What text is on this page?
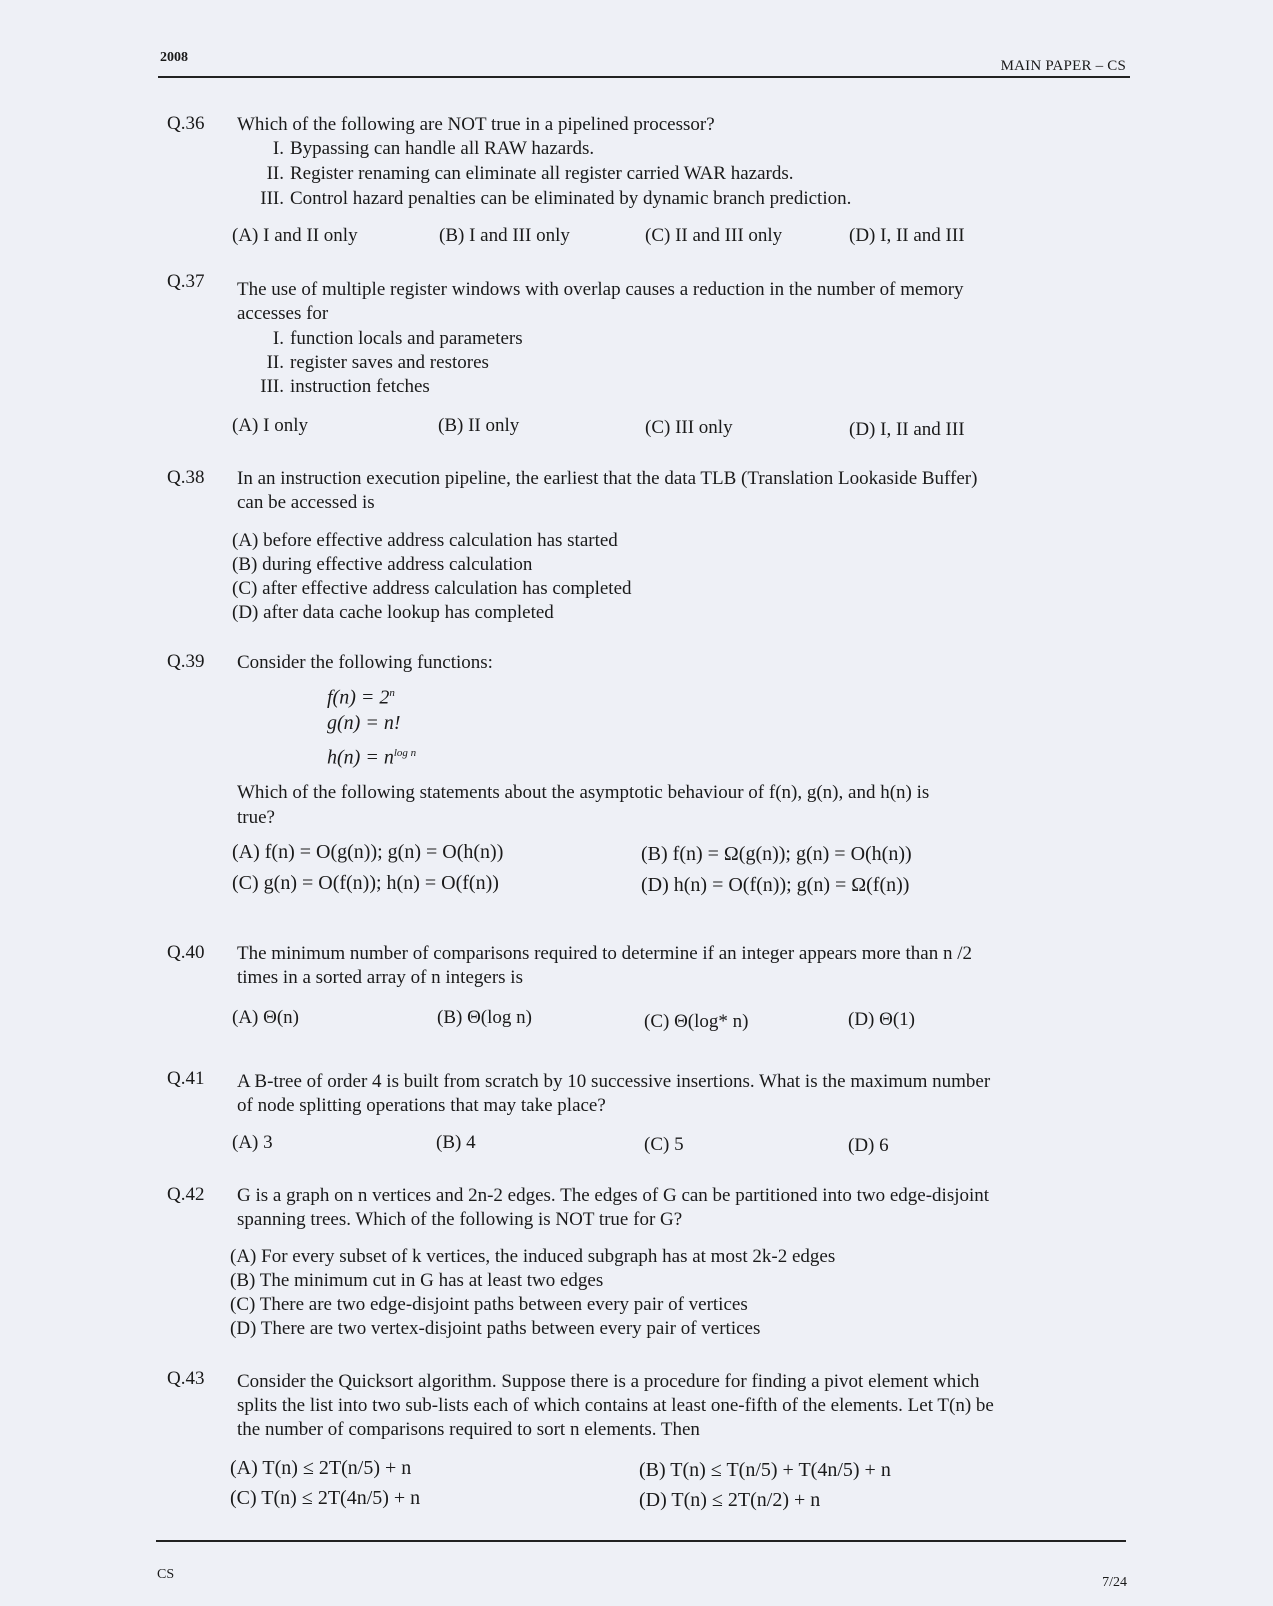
2008
MAIN PAPER – CS
Q.36 Which of the following are NOT true in a pipelined processor?
I. Bypassing can handle all RAW hazards.
II. Register renaming can eliminate all register carried WAR hazards.
III. Control hazard penalties can be eliminated by dynamic branch prediction.
(A) I and II only	(B) I and III only	(C) II and III only	(D) I, II and III
Q.37 The use of multiple register windows with overlap causes a reduction in the number of memory
accesses for
I. function locals and parameters
II. register saves and restores
III. instruction fetches
(A) I only	(B) II only	(C) III only	(D) I, II and III
Q.38 In an instruction execution pipeline, the earliest that the data TLB (Translation Lookaside Buffer)
can be accessed is
(A) before effective address calculation has started
(B) during effective address calculation
(C) after effective address calculation has completed
(D) after data cache lookup has completed
Q.39 Consider the following functions:
$f(n) = 2^n$
g(n) = n!
$h(n) = n^{log n}$
Which of the following statements about the asymptotic behaviour of f(n), g(n), and h(n) is
true?
(A) f(n) = O(g(n)); g(n) = O(h(n))	(B) f(n) = Ω(g(n)); g(n) = O(h(n))
(C) g(n) = O(f(n)); h(n) = O(f(n))	(D) h(n) = O(f(n)); g(n) = Ω(f(n))
Q.40 The minimum number of comparisons required to determine if an integer appears more than n /2
times in a sorted array of n integers is
(A) Θ(n)	(B) Θ(log n)	(C) Θ(log* n)	(D) Θ(1)
Q.41 A B-tree of order 4 is built from scratch by 10 successive insertions. What is the maximum number
of node splitting operations that may take place?
(A) 3	(B) 4	(C) 5	(D) 6
Q.42 G is a graph on n vertices and 2n-2 edges. The edges of G can be partitioned into two edge-disjoint
spanning trees. Which of the following is NOT true for G?
(A) For every subset of k vertices, the induced subgraph has at most 2k-2 edges
(B) The minimum cut in G has at least two edges
(C) There are two edge-disjoint paths between every pair of vertices
(D) There are two vertex-disjoint paths between every pair of vertices
Q.43 Consider the Quicksort algorithm. Suppose there is a procedure for finding a pivot element which
splits the list into two sub-lists each of which contains at least one-fifth of the elements. Let T(n) be
the number of comparisons required to sort n elements. Then
(A) T(n) ≤ 2T(n/5) + n	(B) T(n) ≤ T(n/5) + T(4n/5) + n
(C) T(n) ≤ 2T(4n/5) + n	(D) T(n) ≤ 2T(n/2) + n
CS
7/24
